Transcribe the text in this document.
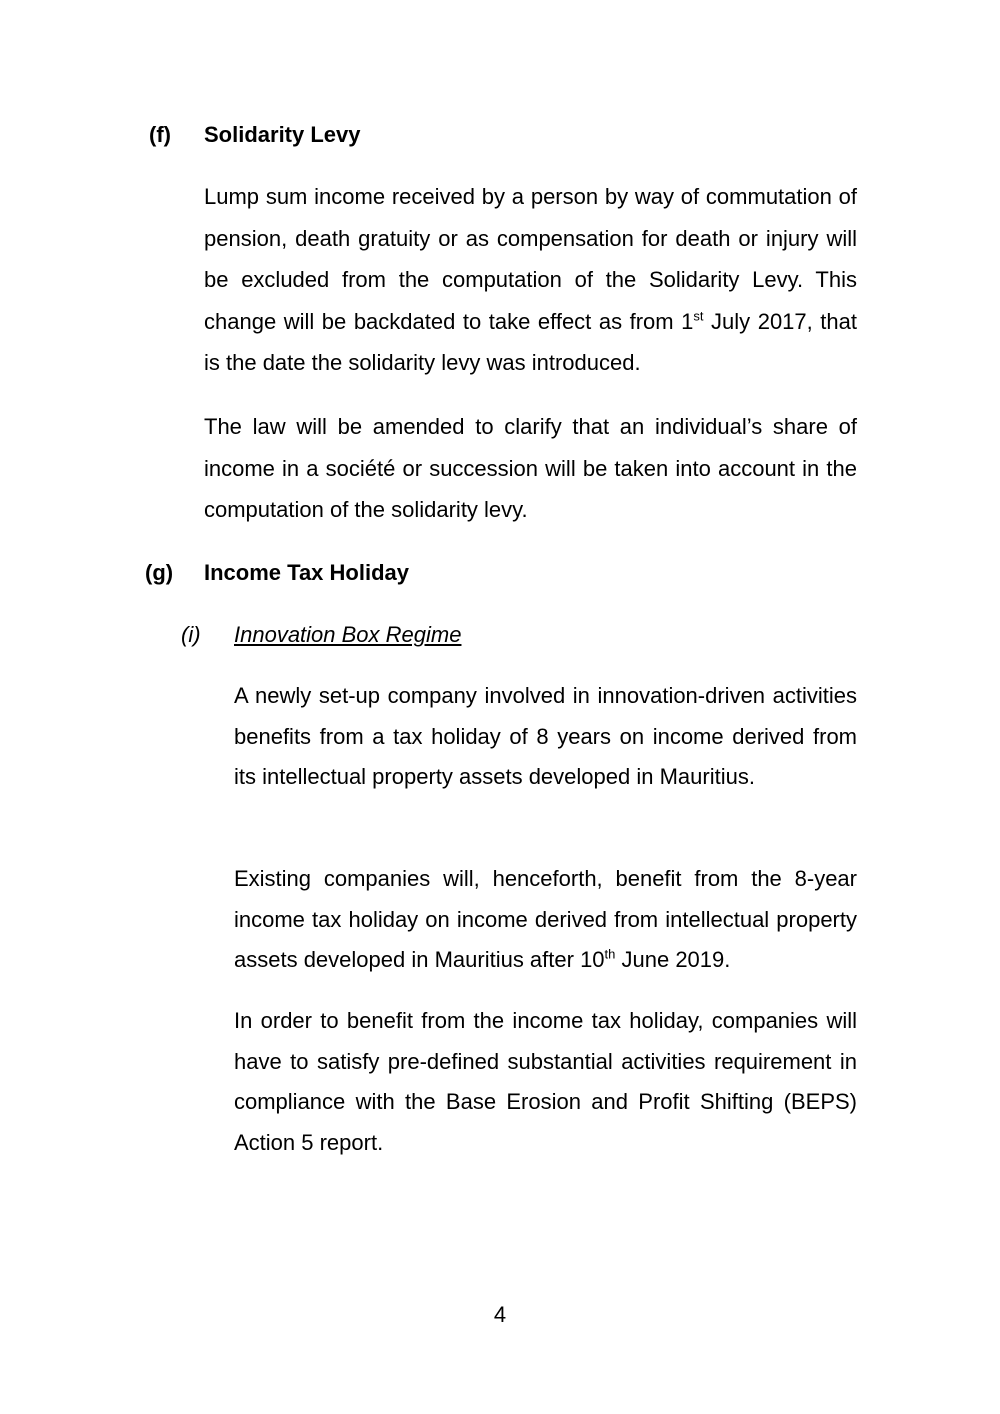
(f) Solidarity Levy

Lump sum income received by a person by way of commutation of pension, death gratuity or as compensation for death or injury will be excluded from the computation of the Solidarity Levy. This change will be backdated to take effect as from 1st July 2017, that is the date the solidarity levy was introduced.

The law will be amended to clarify that an individual’s share of income in a société or succession will be taken into account in the computation of the solidarity levy.

(g) Income Tax Holiday
(i) Innovation Box Regime

A newly set-up company involved in innovation-driven activities benefits from a tax holiday of 8 years on income derived from its intellectual property assets developed in Mauritius.

Existing companies will, henceforth, benefit from the 8-year income tax holiday on income derived from intellectual property assets developed in Mauritius after 10th June 2019.

In order to benefit from the income tax holiday, companies will have to satisfy pre-defined substantial activities requirement in compliance with the Base Erosion and Profit Shifting (BEPS) Action 5 report.

4
